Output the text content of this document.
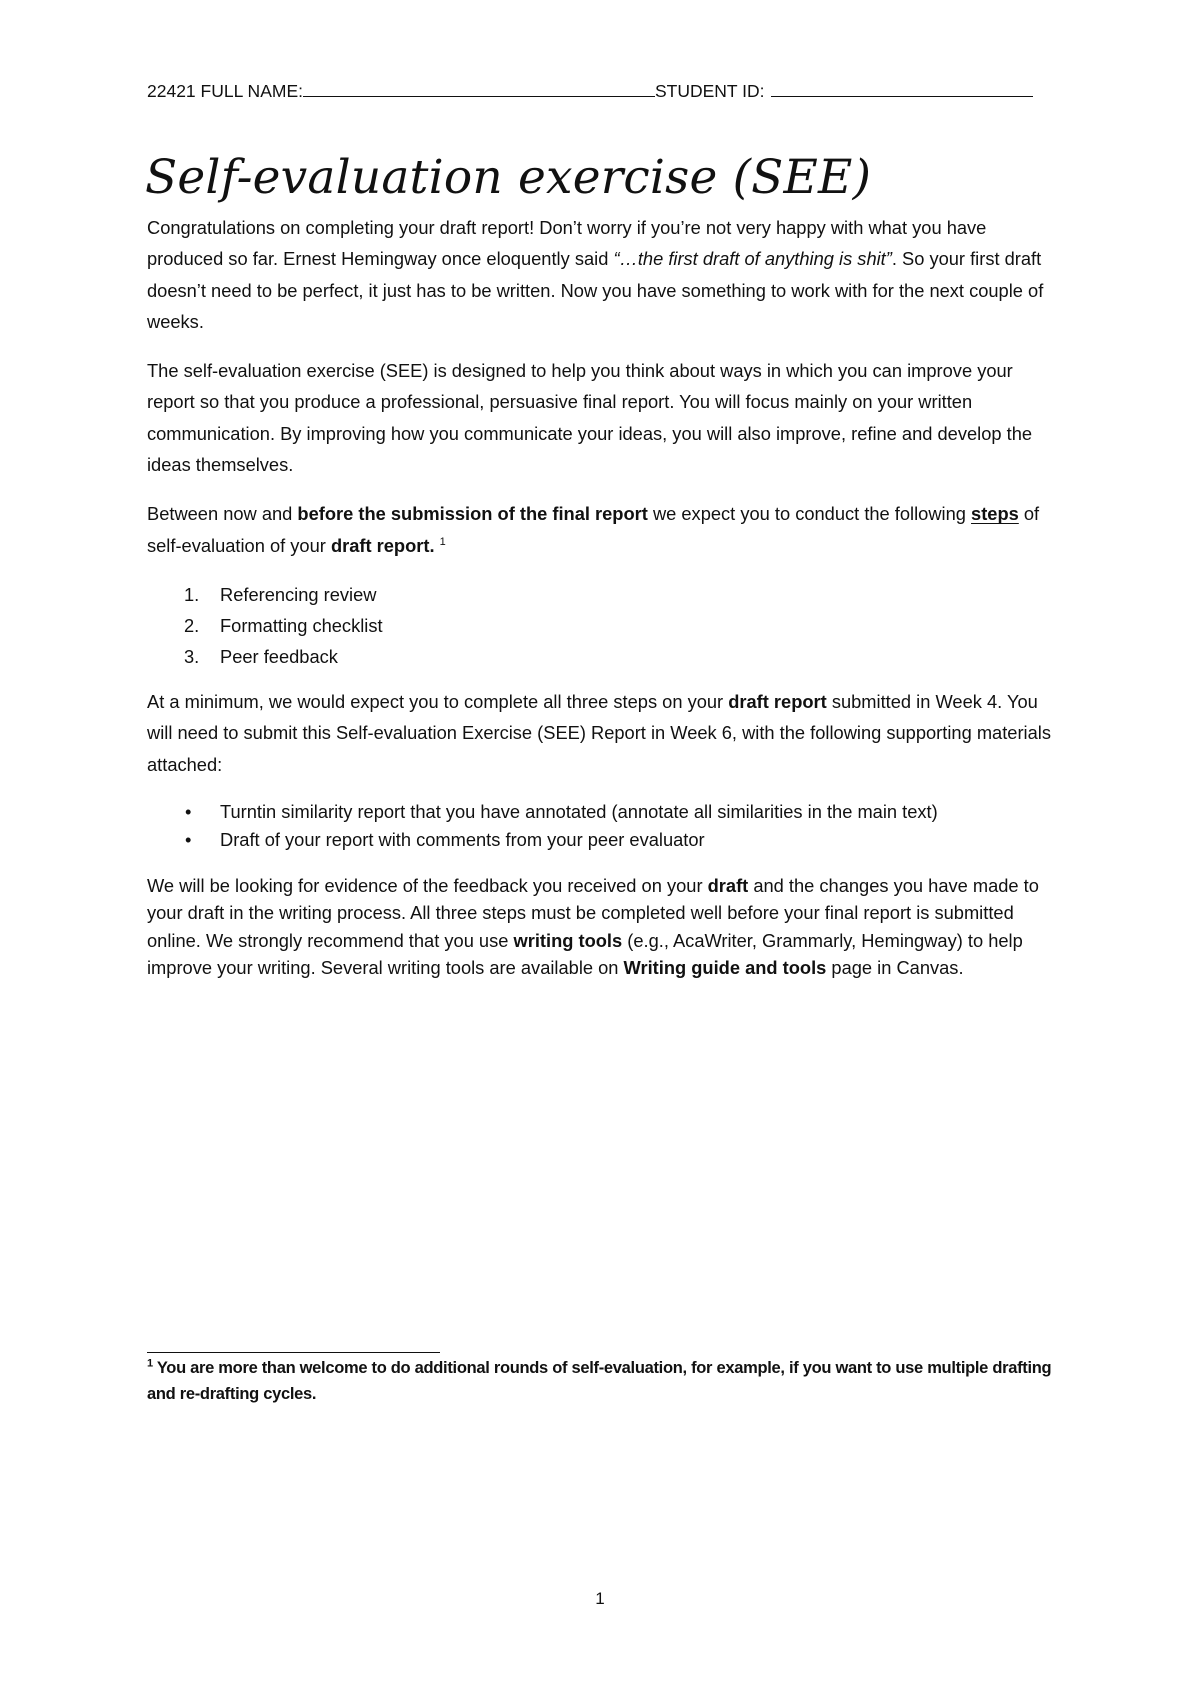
22421
FULL NAME:	STUDENT ID:
Self-evaluation exercise (SEE)

Congratulations on completing your draft report! Don’t worry if you’re not very happy with what you have produced so far. Ernest Hemingway once eloquently said “…the first draft of anything is shit”. So your first draft doesn’t need to be perfect, it just has to be written. Now you have something to work with for the next couple of weeks.

The self-evaluation exercise (SEE) is designed to help you think about ways in which you can improve your report so that you produce a professional, persuasive final report. You will focus mainly on your written communication. By improving how you communicate your ideas, you will also improve, refine and develop the ideas themselves.

Between now and before the submission of the final report we expect you to conduct the following steps of self-evaluation of your draft report. $^1$

1. Referencing review
2. Formatting checklist
3. Peer feedback

At a minimum, we would expect you to complete all three steps on your draft report submitted in Week 4. You will need to submit this Self-evaluation Exercise (SEE) Report in Week 6, with the following supporting materials attached:

• Turntin similarity report that you have annotated (annotate all similarities in the main text)
• Draft of your report with comments from your peer evaluator

We will be looking for evidence of the feedback you received on your draft and the changes you have made to your draft in the writing process. All three steps must be completed well before your final report is submitted online. We strongly recommend that you use writing tools (e.g., AcaWriter, Grammarly, Hemingway) to help improve your writing. Several writing tools are available on Writing guide and tools page in Canvas.

$^1$ You are more than welcome to do additional rounds of self-evaluation, for example, if you want to use multiple drafting and re-drafting cycles.
1
